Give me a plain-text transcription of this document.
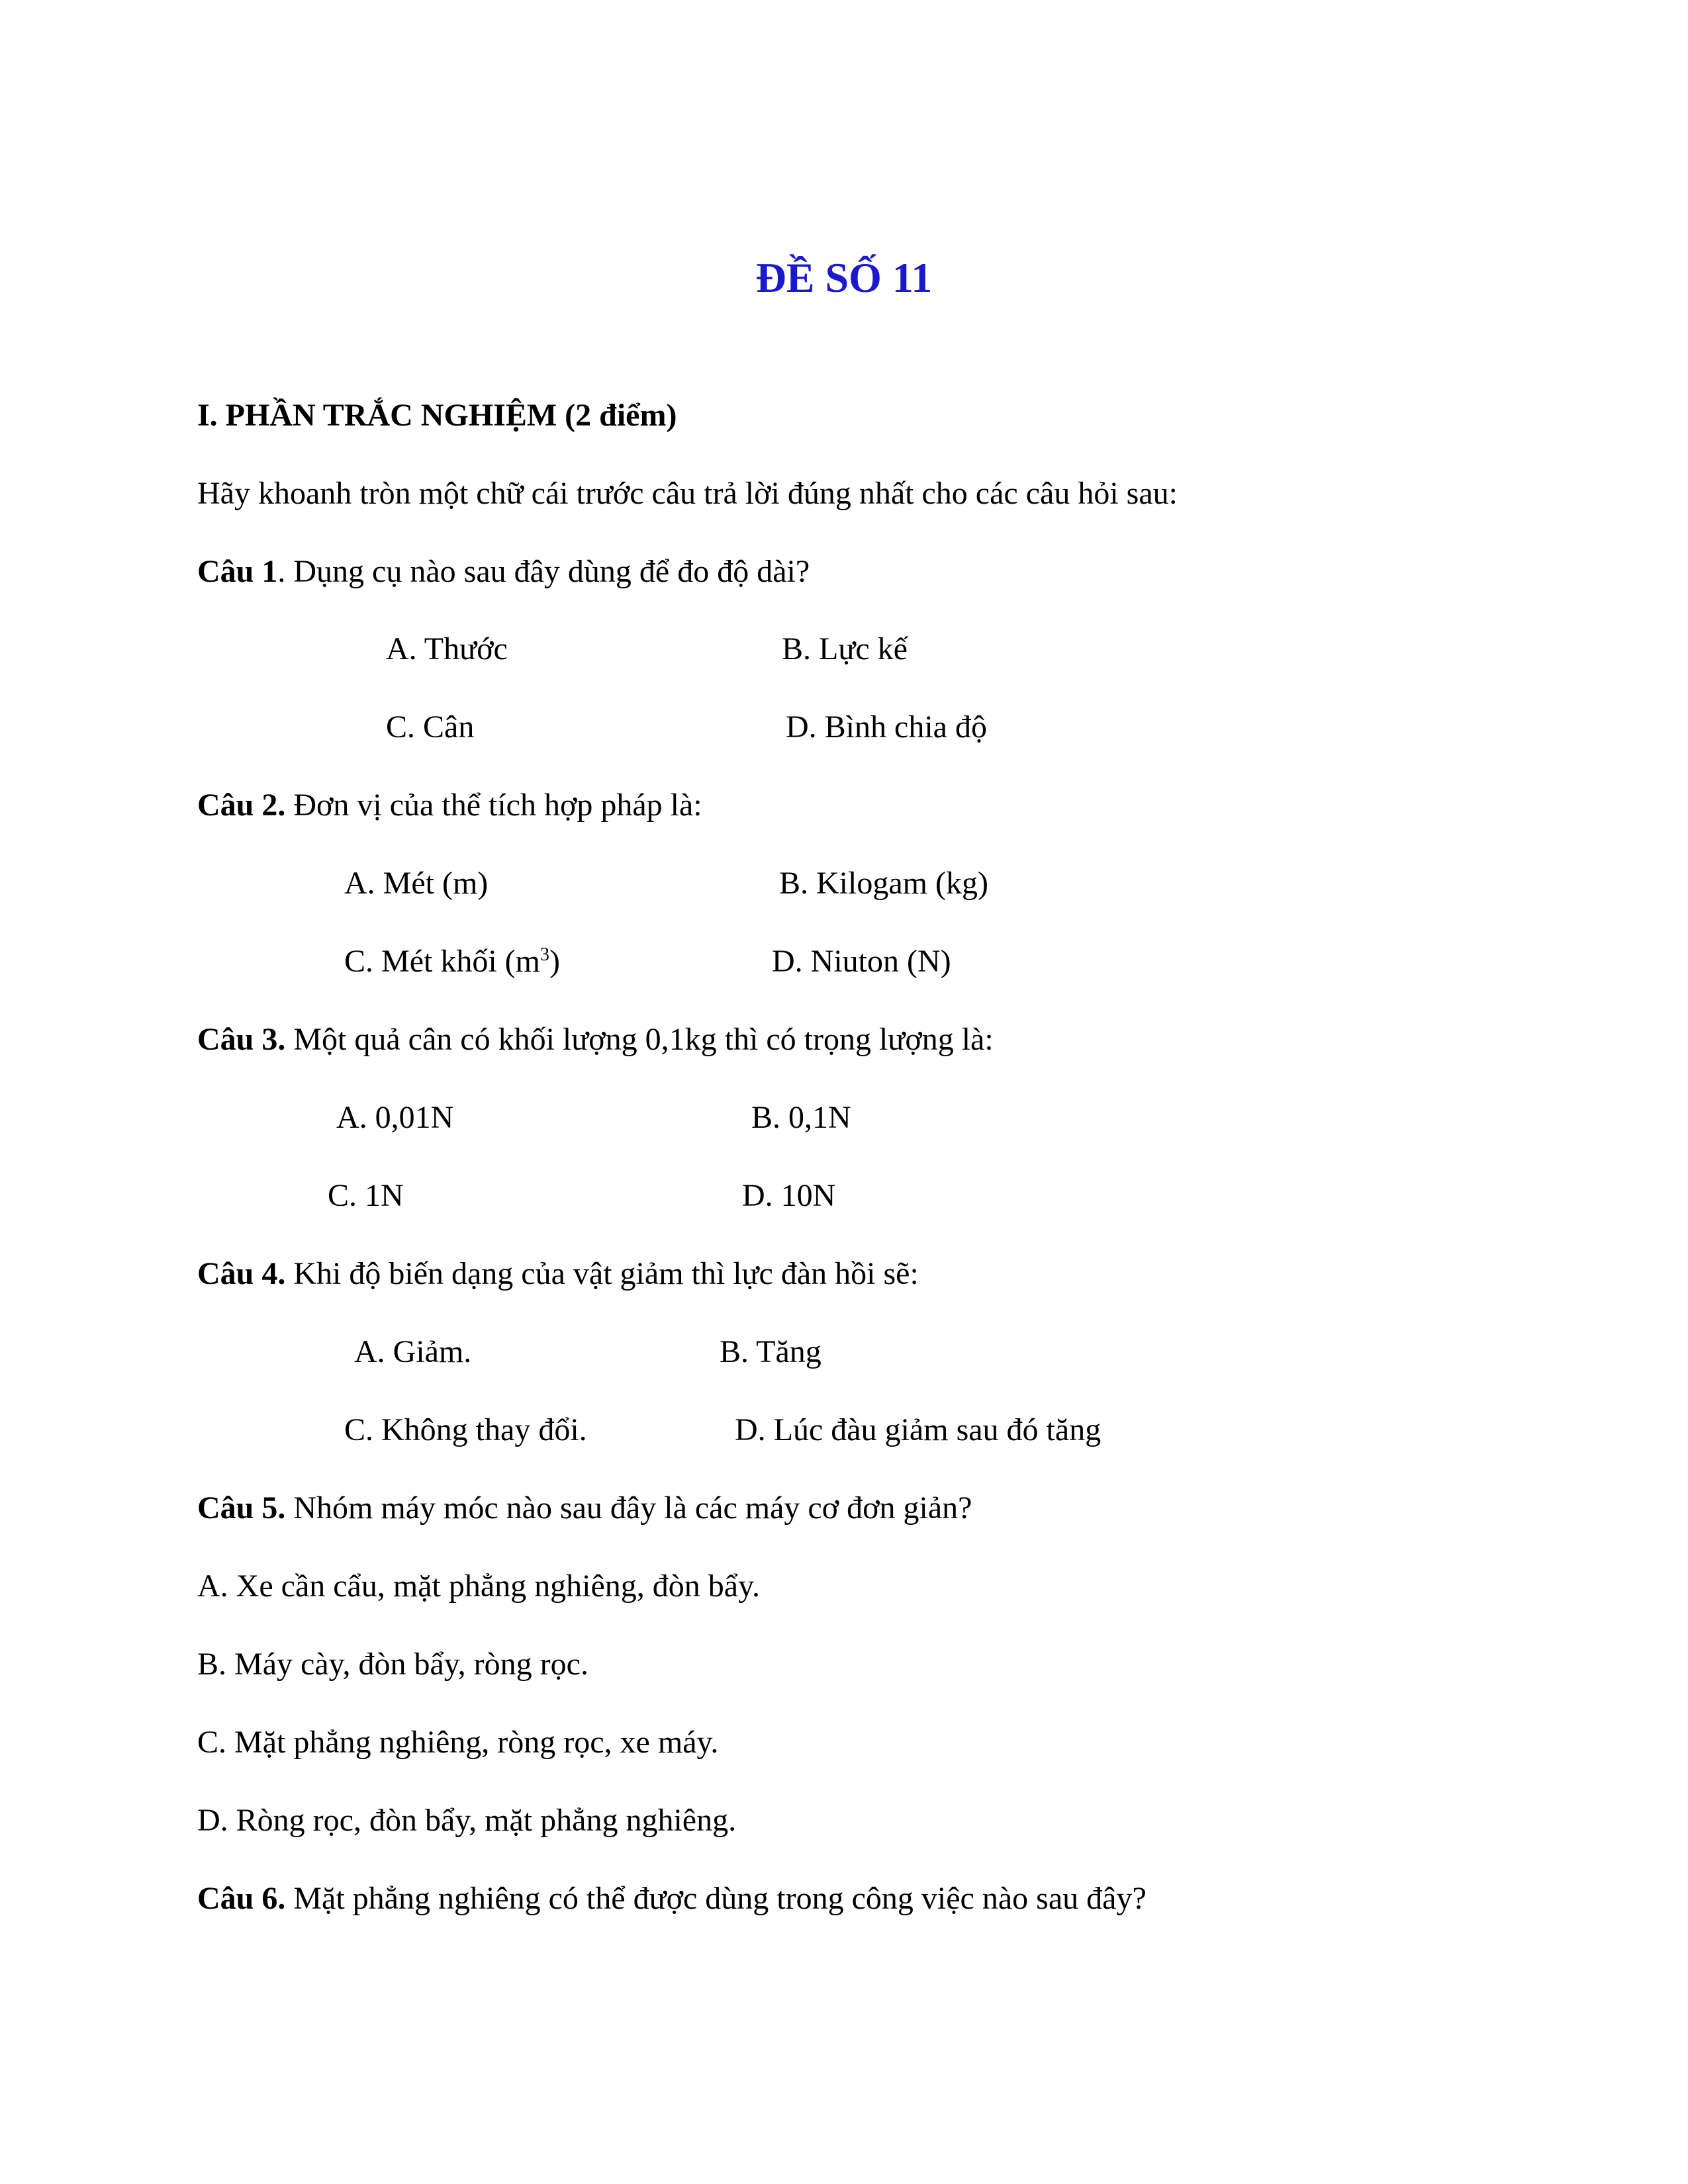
ĐỀ SỐ 11

I. PHẦN TRẮC NGHIỆM (2 điểm)

Hãy khoanh tròn một chữ cái trước câu trả lời đúng nhất cho các câu hỏi sau:

Câu 1. Dụng cụ nào sau đây dùng để đo độ dài?

A. Thước	B. Lực kế

C. Cân	D. Bình chia độ

Câu 2. Đơn vị của thể tích hợp pháp là:

A. Mét (m)	B. Kilogam (kg)

C. Mét khối $(m^3)$	D. Niuton (N)

Câu 3. Một quả cân có khối lượng 0,1kg thì có trọng lượng là:

A. 0,01N	B. 0,1N

C. 1N	D. 10N

Câu 4. Khi độ biến dạng của vật giảm thì lực đàn hồi sẽ:

A. Giảm.	B. Tăng

C. Không thay đổi.	D. Lúc đàu giảm sau đó tăng

Câu 5. Nhóm máy móc nào sau đây là các máy cơ đơn giản?

A. Xe cần cẩu, mặt phẳng nghiêng, đòn bẩy.

B. Máy cày, đòn bẩy, ròng rọc.

C. Mặt phẳng nghiêng, ròng rọc, xe máy.

D. Ròng rọc, đòn bẩy, mặt phẳng nghiêng.

Câu 6. Mặt phẳng nghiêng có thể được dùng trong công việc nào sau đây?
